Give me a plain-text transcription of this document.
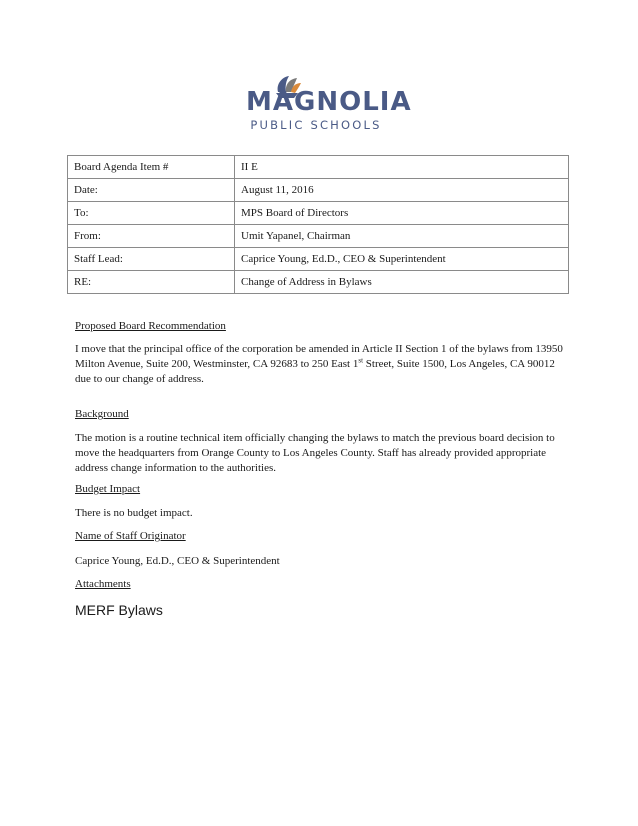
MAGNOLIA
PUBLIC SCHOOLS
Board Agenda Item #	II E
Date:	August 11, 2016
To:	MPS Board of Directors
From:	Umit Yapanel, Chairman
Staff Lead:	Caprice Young, Ed.D., CEO & Superintendent
RE:	Change of Address in Bylaws
Proposed Board Recommendation
I move that the principal office of the corporation be amended in Article II Section 1 of the bylaws from 13950 Milton Avenue, Suite 200, Westminster, CA 92683 to 250 East 1st Street, Suite 1500, Los Angeles, CA 90012 due to our change of address.
Background
The motion is a routine technical item officially changing the bylaws to match the previous board decision to move the headquarters from Orange County to Los Angeles County. Staff has already provided appropriate address change information to the authorities.
Budget Impact
There is no budget impact.
Name of Staff Originator
Caprice Young, Ed.D., CEO & Superintendent
Attachments
MERF Bylaws
